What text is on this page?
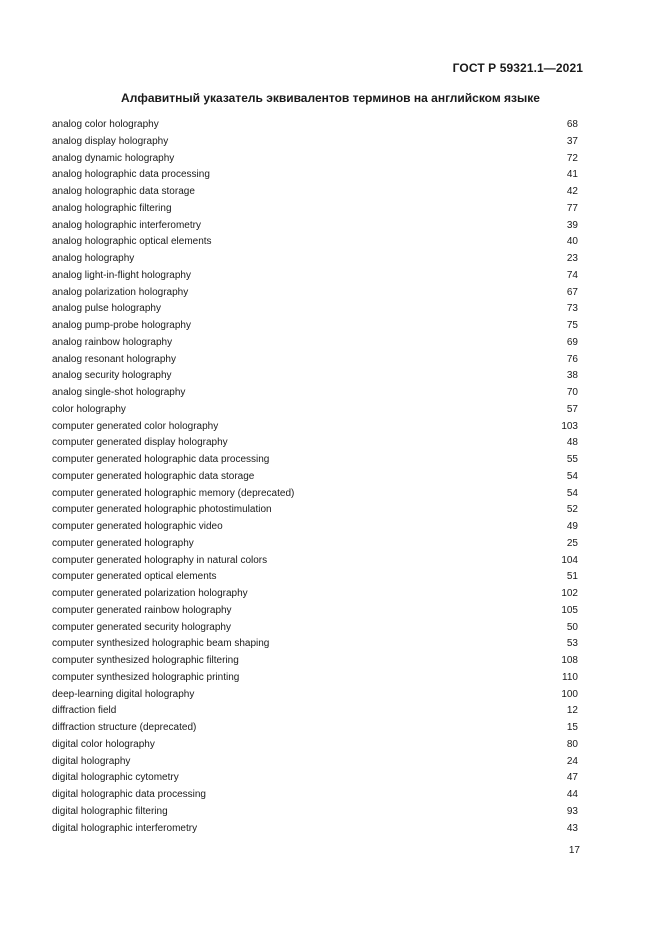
ГОСТ Р 59321.1—2021
Алфавитный указатель эквивалентов терминов на английском языке
analog color holography	68
analog display holography	37
analog dynamic holography	72
analog holographic data processing	41
analog holographic data storage	42
analog holographic filtering	77
analog holographic interferometry	39
analog holographic optical elements	40
analog holography	23
analog light-in-flight holography	74
analog polarization holography	67
analog pulse holography	73
analog pump-probe holography	75
analog rainbow holography	69
analog resonant holography	76
analog security holography	38
analog single-shot holography	70
color holography	57
computer generated color holography	103
computer generated display holography	48
computer generated holographic data processing	55
computer generated holographic data storage	54
computer generated holographic memory (deprecated)	54
computer generated holographic photostimulation	52
computer generated holographic video	49
computer generated holography	25
computer generated holography in natural colors	104
computer generated optical elements	51
computer generated polarization holography	102
computer generated rainbow holography	105
computer generated security holography	50
computer synthesized holographic beam shaping	53
computer synthesized holographic filtering	108
computer synthesized holographic printing	110
deep-learning digital holography	100
diffraction field	12
diffraction structure (deprecated)	15
digital color holography	80
digital holography	24
digital holographic cytometry	47
digital holographic data processing	44
digital holographic filtering	93
digital holographic interferometry	43
17
